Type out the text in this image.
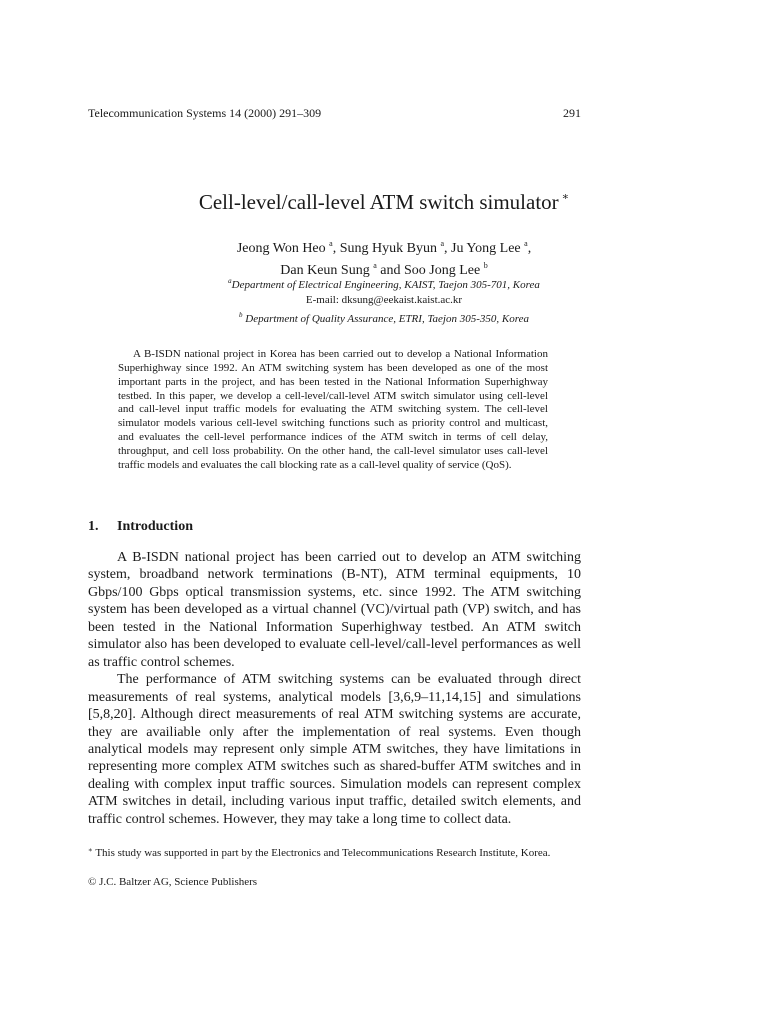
Telecommunication Systems 14 (2000) 291–309	291
Cell-level/call-level ATM switch simulator ∗
Jeong Won Heo $^a$, Sung Hyuk Byun $^a$, Ju Yong Lee $^a$,
Dan Keun Sung $^a$ and Soo Jong Lee $^b$
$^a$Department of Electrical Engineering, KAIST, Taejon 305-701, Korea
E-mail: dksung@eekaist.kaist.ac.kr
$^b$ Department of Quality Assurance, ETRI, Taejon 305-350, Korea

A B-ISDN national project in Korea has been carried out to develop a National Information Superhighway since 1992. An ATM switching system has been developed as one of the most important parts in the project, and has been tested in the National Information Superhighway testbed. In this paper, we develop a cell-level/call-level ATM switch simulator using cell-level and call-level input traffic models for evaluating the ATM switching system. The cell-level simulator models various cell-level switching functions such as priority control and multicast, and evaluates the cell-level performance indices of the ATM switch in terms of cell delay, throughput, and cell loss probability. On the other hand, the call-level simulator uses call-level traffic models and evaluates the call blocking rate as a call-level quality of service (QoS).

1. Introduction

A B-ISDN national project has been carried out to develop an ATM switching system, broadband network terminations (B-NT), ATM terminal equipments, 10 Gbps/100 Gbps optical transmission systems, etc. since 1992. The ATM switching system has been developed as a virtual channel (VC)/virtual path (VP) switch, and has been tested in the National Information Superhighway testbed. An ATM switch simulator also has been developed to evaluate cell-level/call-level performances as well as traffic control schemes.

The performance of ATM switching systems can be evaluated through direct measurements of real systems, analytical models [3,6,9–11,14,15] and simulations [5,8,20]. Although direct measurements of real ATM switching systems are accurate, they are availiable only after the implementation of real systems. Even though analytical models may represent only simple ATM switches, they have limitations in representing more complex ATM switches such as shared-buffer ATM switches and in dealing with complex input traffic sources. Simulation models can represent complex ATM switches in detail, including various input traffic, detailed switch elements, and traffic control schemes. However, they may take a long time to collect data.

∗ This study was supported in part by the Electronics and Telecommunications Research Institute, Korea.
© J.C. Baltzer AG, Science Publishers
